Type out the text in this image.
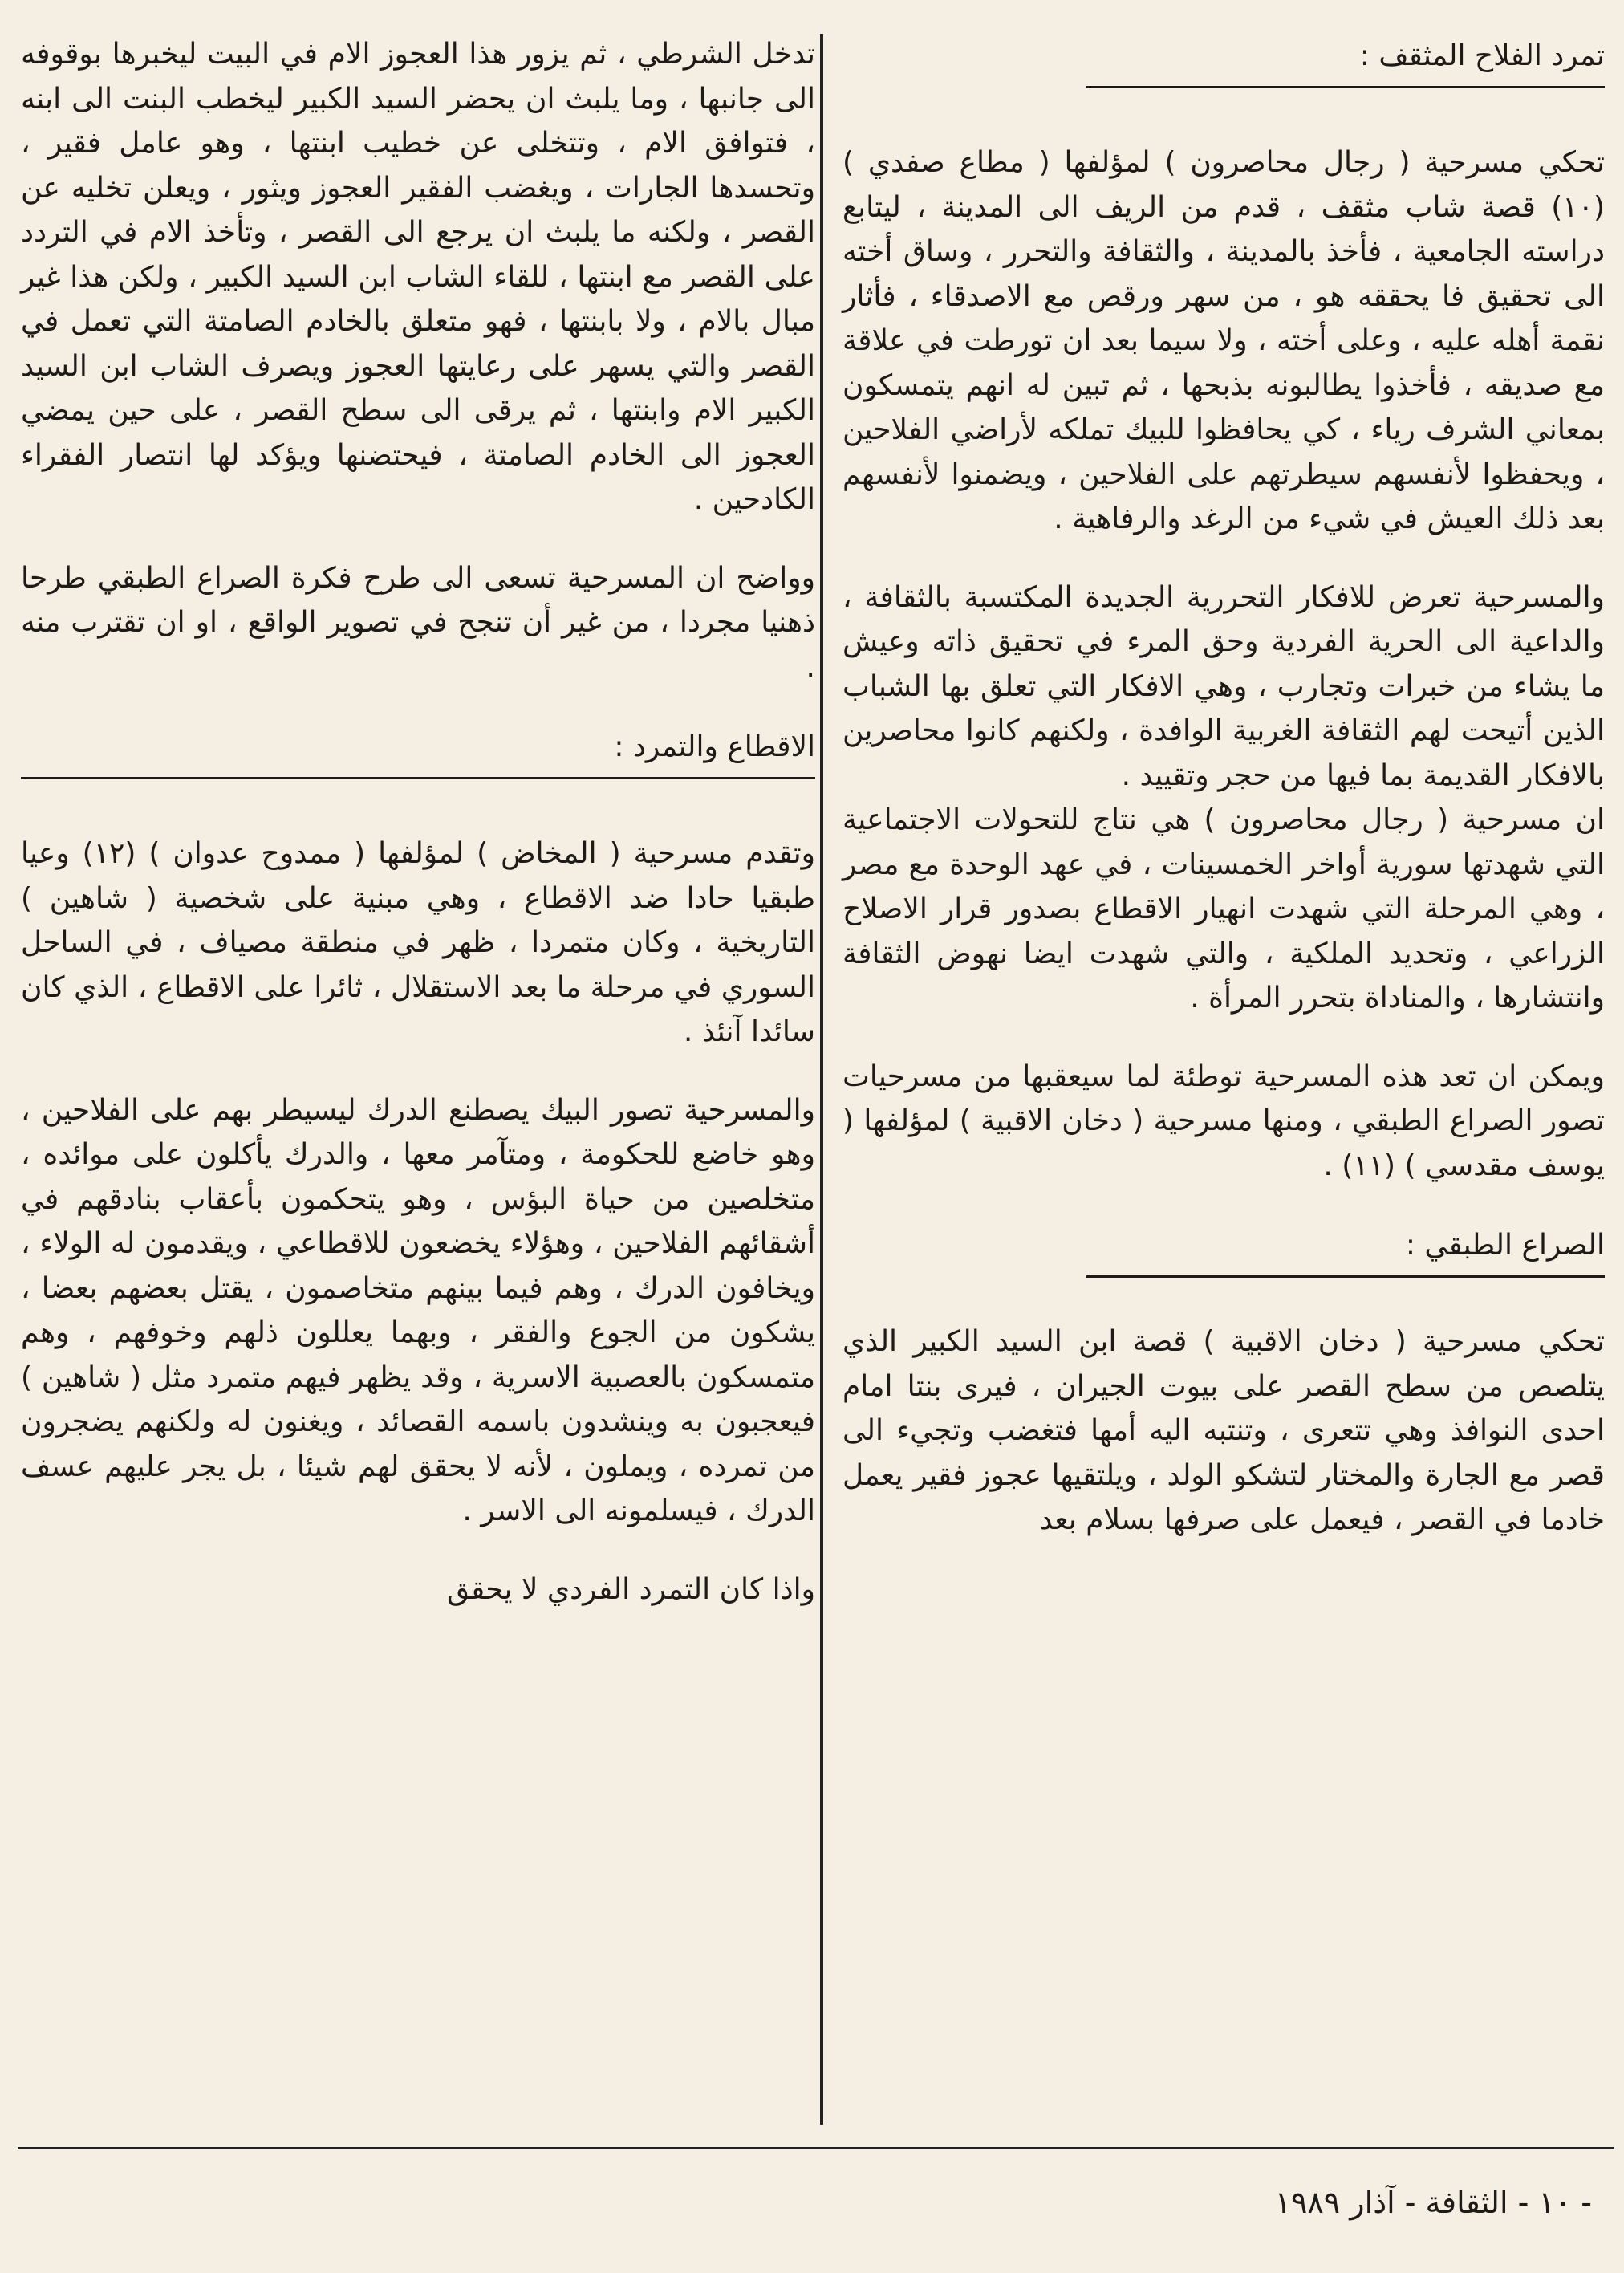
تمرد الفلاح المثقف :

تحكي مسرحية ( رجال محاصرون ) لمؤلفها ( مطاع صفدي ) (١٠) قصة شاب مثقف ، قدم من الريف الى المدينة ، ليتابع دراسته الجامعية ، فأخذ بالمدينة ، والثقافة والتحرر ، وساق أخته الى تحقيق فا يحققه هو ، من سهر ورقص مع الاصدقاء ، فأثار نقمة أهله عليه ، وعلى أخته ، ولا سيما بعد ان تورطت في علاقة مع صديقه ، فأخذوا يطالبونه بذبحها ، ثم تبين له انهم يتمسكون بمعاني الشرف رياء ، كي يحافظوا للبيك تملكه لأراضي الفلاحين ، ويحفظوا لأنفسهم سيطرتهم على الفلاحين ، ويضمنوا لأنفسهم بعد ذلك العيش في شيء من الرغد والرفاهية .

والمسرحية تعرض للافكار التحررية الجديدة المكتسبة بالثقافة ، والداعية الى الحرية الفردية وحق المرء في تحقيق ذاته وعيش ما يشاء من خبرات وتجارب ، وهي الافكار التي تعلق بها الشباب الذين أتيحت لهم الثقافة الغربية الوافدة ، ولكنهم كانوا محاصرين بالافكار القديمة بما فيها من حجر وتقييد .

ان مسرحية ( رجال محاصرون ) هي نتاج للتحولات الاجتماعية التي شهدتها سورية أواخر الخمسينات ، في عهد الوحدة مع مصر ، وهي المرحلة التي شهدت انهيار الاقطاع بصدور قرار الاصلاح الزراعي ، وتحديد الملكية ، والتي شهدت ايضا نهوض الثقافة وانتشارها ، والمناداة بتحرر المرأة .

ويمكن ان تعد هذه المسرحية توطئة لما سيعقبها من مسرحيات تصور الصراع الطبقي ، ومنها مسرحية ( دخان الاقبية ) لمؤلفها ( يوسف مقدسي ) (١١) .

الصراع الطبقي :

تحكي مسرحية ( دخان الاقبية ) قصة ابن السيد الكبير الذي يتلصص من سطح القصر على بيوت الجيران ، فيرى بنتا امام احدى النوافذ وهي تتعرى ، وتنتبه اليه أمها فتغضب وتجيء الى قصر مع الجارة والمختار لتشكو الولد ، ويلتقيها عجوز فقير يعمل خادما في القصر ، فيعمل على صرفها بسلام بعد

تدخل الشرطي ، ثم يزور هذا العجوز الام في البيت ليخبرها بوقوفه الى جانبها ، وما يلبث ان يحضر السيد الكبير ليخطب البنت الى ابنه ، فتوافق الام ، وتتخلى عن خطيب ابنتها ، وهو عامل فقير ، وتحسدها الجارات ، ويغضب الفقير العجوز ويثور ، ويعلن تخليه عن القصر ، ولكنه ما يلبث ان يرجع الى القصر ، وتأخذ الام في التردد على القصر مع ابنتها ، للقاء الشاب ابن السيد الكبير ، ولكن هذا غير مبال بالام ، ولا بابنتها ، فهو متعلق بالخادم الصامتة التي تعمل في القصر والتي يسهر على رعايتها العجوز ويصرف الشاب ابن السيد الكبير الام وابنتها ، ثم يرقى الى سطح القصر ، على حين يمضي العجوز الى الخادم الصامتة ، فيحتضنها ويؤكد لها انتصار الفقراء الكادحين .

وواضح ان المسرحية تسعى الى طرح فكرة الصراع الطبقي طرحا ذهنيا مجردا ، من غير أن تنجح في تصوير الواقع ، او ان تقترب منه .

الاقطاع والتمرد :

وتقدم مسرحية ( المخاض ) لمؤلفها ( ممدوح عدوان ) (١٢) وعيا طبقيا حادا ضد الاقطاع ، وهي مبنية على شخصية ( شاهين ) التاريخية ، وكان متمردا ، ظهر في منطقة مصياف ، في الساحل السوري في مرحلة ما بعد الاستقلال ، ثائرا على الاقطاع ، الذي كان سائدا آنئذ .

والمسرحية تصور البيك يصطنع الدرك ليسيطر بهم على الفلاحين ، وهو خاضع للحكومة ، ومتآمر معها ، والدرك يأكلون على موائده ، متخلصين من حياة البؤس ، وهو يتحكمون بأعقاب بنادقهم في أشقائهم الفلاحين ، وهؤلاء يخضعون للاقطاعي ، ويقدمون له الولاء ، ويخافون الدرك ، وهم فيما بينهم متخاصمون ، يقتل بعضهم بعضا ، يشكون من الجوع والفقر ، وبهما يعللون ذلهم وخوفهم ، وهم متمسكون بالعصبية الاسرية ، وقد يظهر فيهم متمرد مثل ( شاهين ) فيعجبون به وينشدون باسمه القصائد ، ويغنون له ولكنهم يضجرون من تمرده ، ويملون ، لأنه لا يحقق لهم شيئا ، بل يجر عليهم عسف الدرك ، فيسلمونه الى الاسر .

واذا كان التمرد الفردي لا يحقق

- ١٠ - الثقافة - آذار ١٩٨٩
